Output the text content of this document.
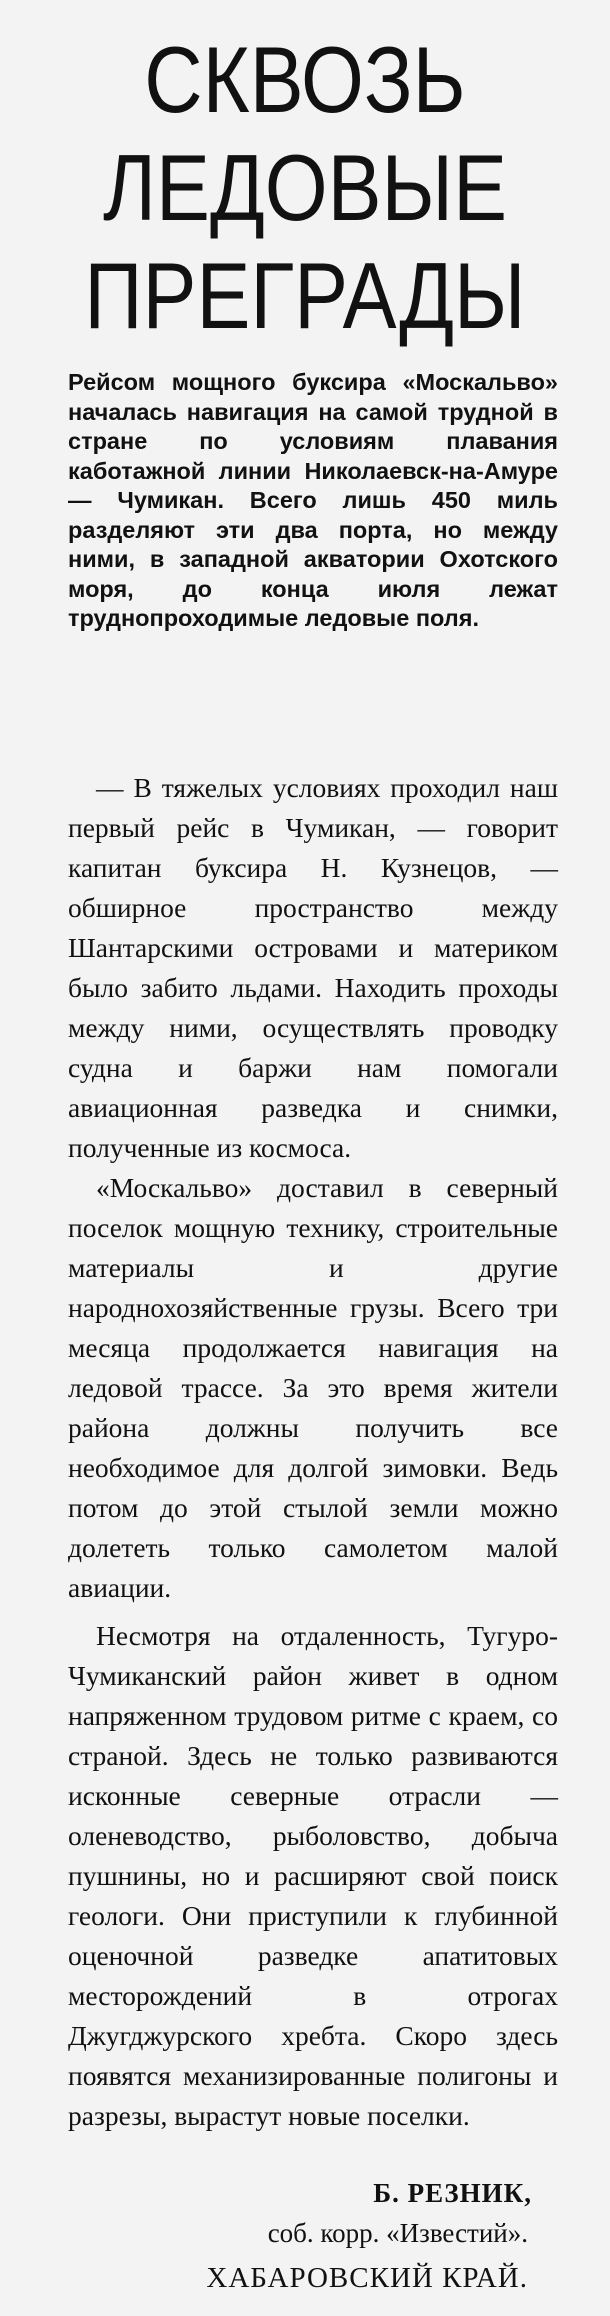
СКВОЗЬ
ЛЕДОВЫЕ
ПРЕГРАДЫ

Рейсом мощного буксира «Москальво» началась навигация на самой трудной в стране по условиям плавания каботажной линии Николаевск-на-Амуре — Чумикан. Всего лишь 450 миль разделяют эти два порта, но между ними, в западной акватории Охотского моря, до конца июля лежат труднопроходимые ледовые поля.

— В тяжелых условиях проходил наш первый рейс в Чумикан, — говорит капитан буксира Н. Кузнецов, — обширное пространство между Шантарскими островами и материком было забито льдами. Находить проходы между ними, осуществлять проводку судна и баржи нам помогали авиационная разведка и снимки, полученные из космоса.

«Москальво» доставил в северный поселок мощную технику, строительные материалы и другие народнохозяйственные грузы. Всего три месяца продолжается навигация на ледовой трассе. За это время жители района должны получить все необходимое для долгой зимовки. Ведь потом до этой стылой земли можно долететь только самолетом малой авиации.

Несмотря на отдаленность, Тугуро-Чумиканский район живет в одном напряженном трудовом ритме с краем, со страной. Здесь не только развиваются исконные северные отрасли — оленеводство, рыболовство, добыча пушнины, но и расширяют свой поиск геологи. Они приступили к глубинной оценочной разведке апатитовых месторождений в отрогах Джугджурского хребта. Скоро здесь появятся механизированные полигоны и разрезы, вырастут новые поселки.

Б. РЕЗНИК,
соб. корр. «Известий».
ХАБАРОВСКИЙ КРАЙ.
